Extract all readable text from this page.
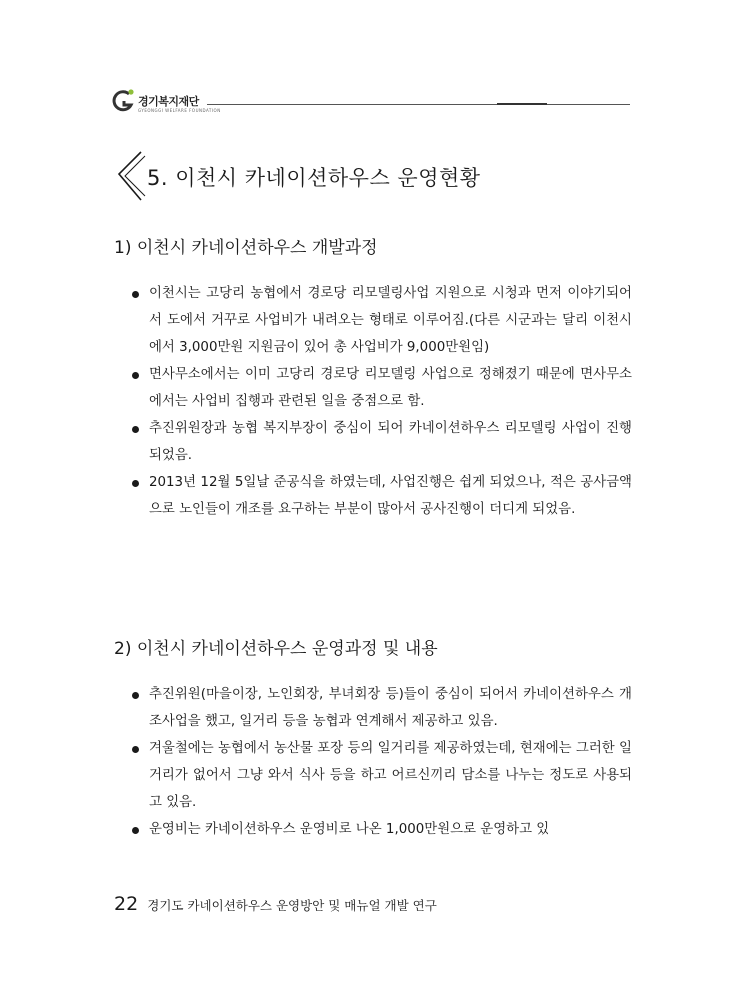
경기복지재단
GYEONGGI WELFARE FOUNDATION
5. 이천시 카네이션하우스 운영현황
1) 이천시 카네이션하우스 개발과정
이천시는 고당리 농협에서 경로당 리모델링사업 지원으로 시청과 먼저 이야기되어서 도에서 거꾸로 사업비가 내려오는 형태로 이루어짐.(다른 시군과는 달리 이천시에서 3,000만원 지원금이 있어 총 사업비가 9,000만원임)
면사무소에서는 이미 고당리 경로당 리모델링 사업으로 정해졌기 때문에 면사무소에서는 사업비 집행과 관련된 일을 중점으로 함.
추진위원장과 농협 복지부장이 중심이 되어 카네이션하우스 리모델링 사업이 진행되었음.
2013년 12월 5일날 준공식을 하였는데, 사업진행은 쉽게 되었으나, 적은 공사금액으로 노인들이 개조를 요구하는 부분이 많아서 공사진행이 더디게 되었음.
2) 이천시 카네이션하우스 운영과정 및 내용
추진위원(마을이장, 노인회장, 부녀회장 등)들이 중심이 되어서 카네이션하우스 개조사업을 했고, 일거리 등을 농협과 연계해서 제공하고 있음.
겨울철에는 농협에서 농산물 포장 등의 일거리를 제공하였는데, 현재에는 그러한 일거리가 없어서 그냥 와서 식사 등을 하고 어르신끼리 담소를 나누는 정도로 사용되고 있음.
운영비는 카네이션하우스 운영비로 나온 1,000만원으로 운영하고 있
22 경기도 카네이션하우스 운영방안 및 매뉴얼 개발 연구
